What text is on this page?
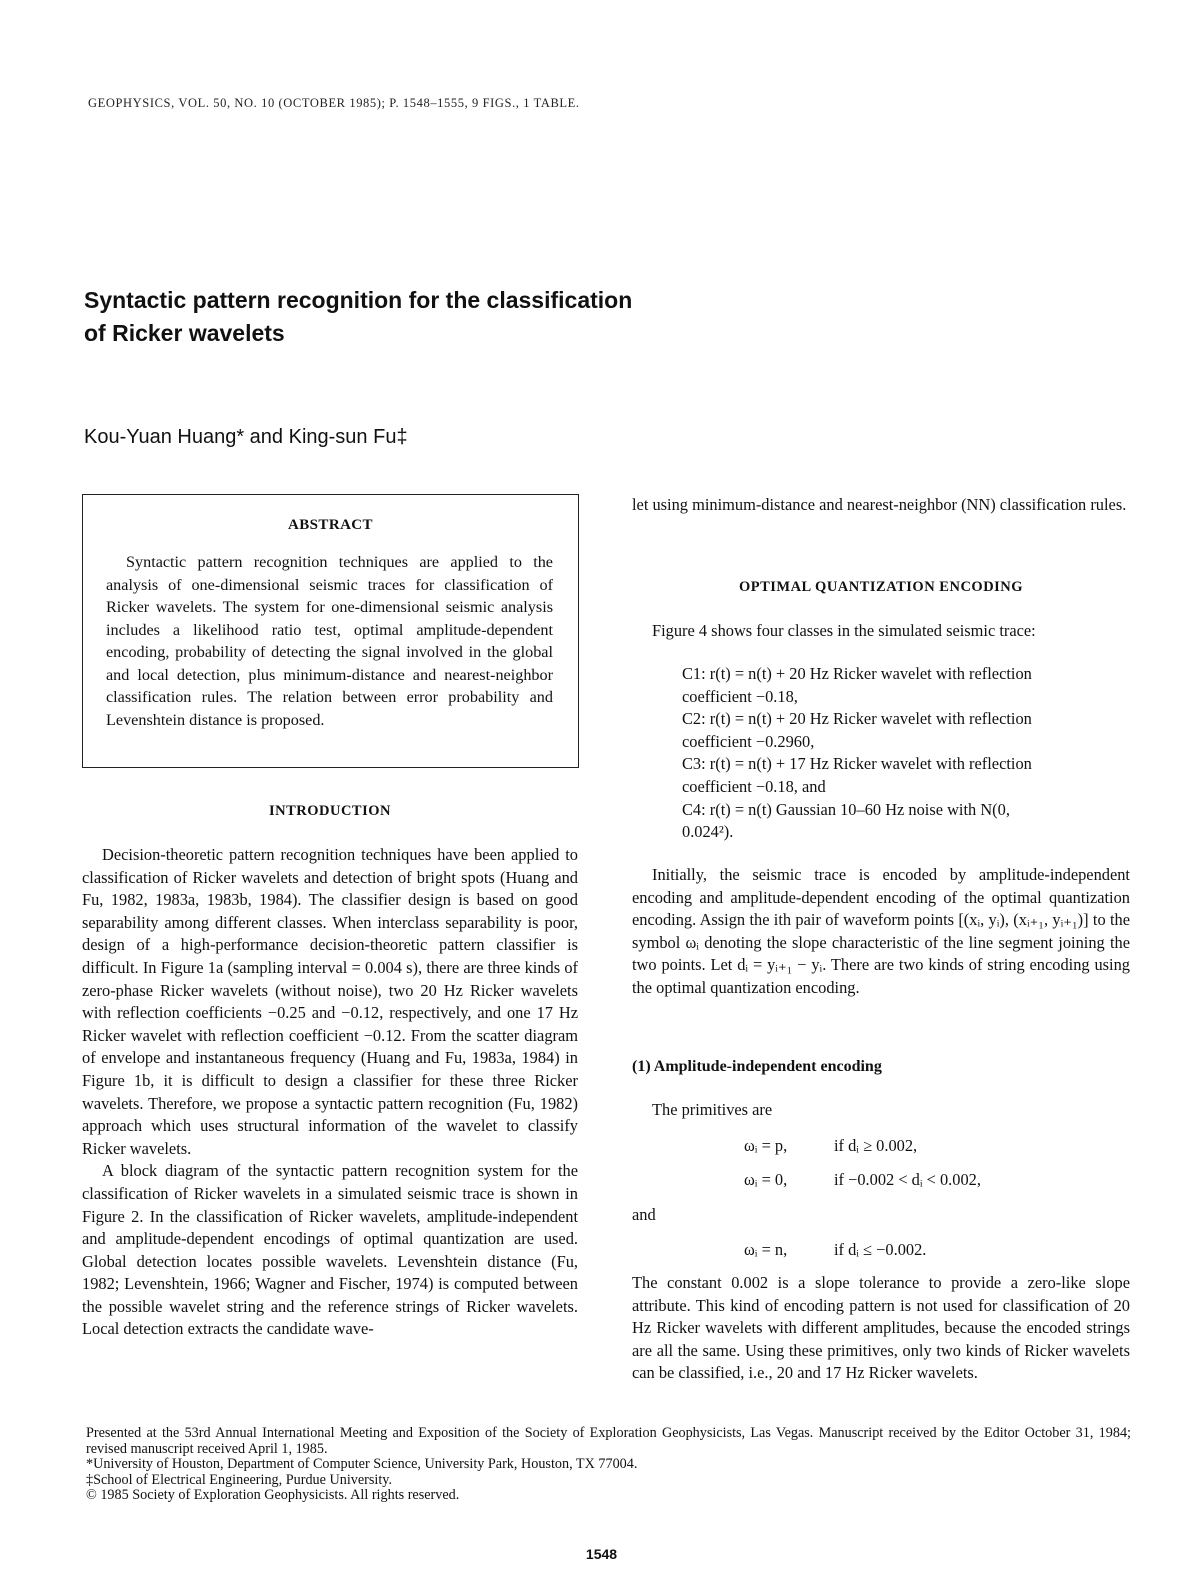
GEOPHYSICS, VOL. 50, NO. 10 (OCTOBER 1985); P. 1548–1555, 9 FIGS., 1 TABLE.
Syntactic pattern recognition for the classification
of Ricker wavelets
Kou-Yuan Huang* and King-sun Fu‡
ABSTRACT
Syntactic pattern recognition techniques are applied to the analysis of one-dimensional seismic traces for classification of Ricker wavelets. The system for one-dimensional seismic analysis includes a likelihood ratio test, optimal amplitude-dependent encoding, probability of detecting the signal involved in the global and local detection, plus minimum-distance and nearest-neighbor classification rules. The relation between error probability and Levenshtein distance is proposed.
INTRODUCTION

Decision-theoretic pattern recognition techniques have been applied to classification of Ricker wavelets and detection of bright spots (Huang and Fu, 1982, 1983a, 1983b, 1984). The classifier design is based on good separability among different classes. When interclass separability is poor, design of a high-performance decision-theoretic pattern classifier is difficult. In Figure 1a (sampling interval = 0.004 s), there are three kinds of zero-phase Ricker wavelets (without noise), two 20 Hz Ricker wavelets with reflection coefficients −0.25 and −0.12, respectively, and one 17 Hz Ricker wavelet with reflection coefficient −0.12. From the scatter diagram of envelope and instantaneous frequency (Huang and Fu, 1983a, 1984) in Figure 1b, it is difficult to design a classifier for these three Ricker wavelets. Therefore, we propose a syntactic pattern recognition (Fu, 1982) approach which uses structural information of the wavelet to classify Ricker wavelets.

A block diagram of the syntactic pattern recognition system for the classification of Ricker wavelets in a simulated seismic trace is shown in Figure 2. In the classification of Ricker wavelets, amplitude-independent and amplitude-dependent encodings of optimal quantization are used. Global detection locates possible wavelets. Levenshtein distance (Fu, 1982; Levenshtein, 1966; Wagner and Fischer, 1974) is computed between the possible wavelet string and the reference strings of Ricker wavelets. Local detection extracts the candidate wave-

let using minimum-distance and nearest-neighbor (NN) classification rules.
OPTIMAL QUANTIZATION ENCODING

Figure 4 shows four classes in the simulated seismic trace:

C1: r(t) = n(t) + 20 Hz Ricker wavelet with reflection
coefficient −0.18,
C2: r(t) = n(t) + 20 Hz Ricker wavelet with reflection
coefficient −0.2960,
C3: r(t) = n(t) + 17 Hz Ricker wavelet with reflection
coefficient −0.18, and
C4: r(t) = n(t) Gaussian 10–60 Hz noise with N(0,
0.024²).

Initially, the seismic trace is encoded by amplitude-independent encoding and amplitude-dependent encoding of the optimal quantization encoding. Assign the ith pair of waveform points [(xᵢ, yᵢ), (xᵢ₊₁, yᵢ₊₁)] to the symbol ωᵢ denoting the slope characteristic of the line segment joining the two points. Let dᵢ = yᵢ₊₁ − yᵢ. There are two kinds of string encoding using the optimal quantization encoding.

(1) Amplitude-independent encoding
The primitives are
ωᵢ = p,	if dᵢ ≥ 0.002,
ωᵢ = 0,	if −0.002 < dᵢ < 0.002,
and
ωᵢ = n,	if dᵢ ≤ −0.002.
The constant 0.002 is a slope tolerance to provide a zero-like slope attribute. This kind of encoding pattern is not used for classification of 20 Hz Ricker wavelets with different amplitudes, because the encoded strings are all the same. Using these primitives, only two kinds of Ricker wavelets can be classified, i.e., 20 and 17 Hz Ricker wavelets.
Presented at the 53rd Annual International Meeting and Exposition of the Society of Exploration Geophysicists, Las Vegas. Manuscript received by the Editor October 31, 1984; revised manuscript received April 1, 1985.
*University of Houston, Department of Computer Science, University Park, Houston, TX 77004.
‡School of Electrical Engineering, Purdue University.
© 1985 Society of Exploration Geophysicists. All rights reserved.
1548
